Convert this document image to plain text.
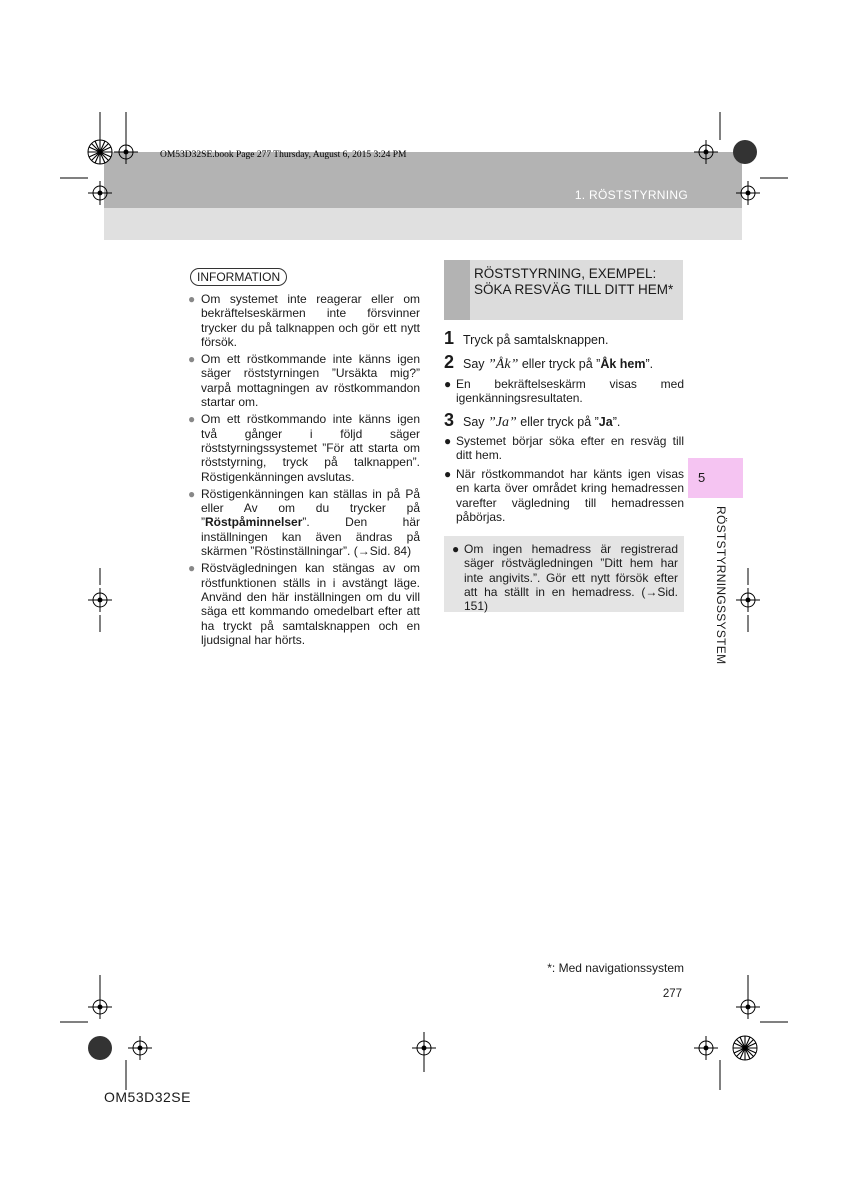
OM53D32SE.book Page 277 Thursday, August 6, 2015 3:24 PM
1. RÖSTSTYRNING
INFORMATION
● Om systemet inte reagerar eller om bekräftelseskärmen inte försvinner trycker du på talknappen och gör ett nytt försök.
● Om ett röstkommande inte känns igen säger röststyrningen ”Ursäkta mig?” varpå mottagningen av röstkommandon startar om.
● Om ett röstkommando inte känns igen två gånger i följd säger röststyrningssystemet ”För att starta om röststyrning, tryck på talknappen”. Röstigenkänningen avslutas.
● Röstigenkänningen kan ställas in på På eller Av om du trycker på ”Röstpåminnelser”. Den här inställningen kan även ändras på skärmen ”Röstinställningar”. (→Sid. 84)
● Röstvägledningen kan stängas av om röstfunktionen ställs in i avstängt läge. Använd den här inställningen om du vill säga ett kommando omedelbart efter att ha tryckt på samtalsknappen och en ljudsignal har hörts.
RÖSTSTYRNING, EXEMPEL: SÖKA RESVÄG TILL DITT HEM*
1 Tryck på samtalsknappen.
2 Say ”Åk” eller tryck på ”Åk hem”.
● En bekräftelseskärm visas med igenkänningsresultaten.
3 Say ”Ja” eller tryck på ”Ja”.
● Systemet börjar söka efter en resväg till ditt hem.
● När röstkommandot har känts igen visas en karta över området kring hemadressen varefter vägledning till hemadressen påbörjas.
● Om ingen hemadress är registrerad säger röstvägledningen ”Ditt hem har inte angivits.”. Gör ett nytt försök efter att ha ställt in en hemadress. (→Sid. 151)
5
RÖSTSTYRNINGSSYSTEM
*: Med navigationssystem
277
OM53D32SE
